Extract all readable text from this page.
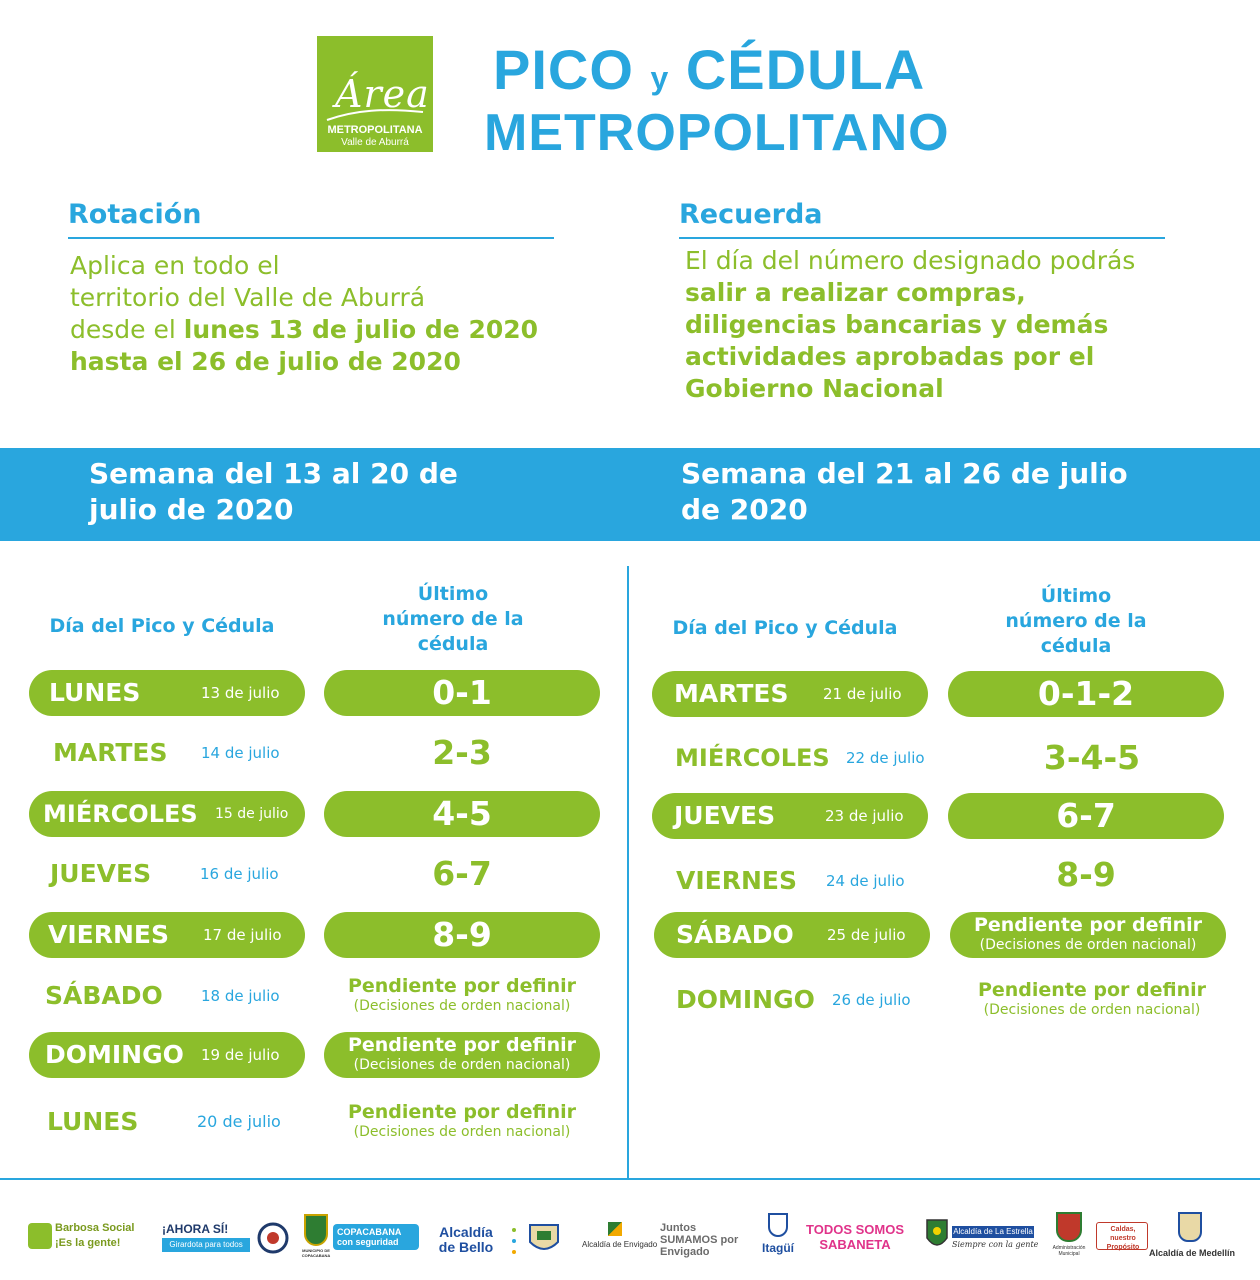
Área
METROPOLITANA
Valle de Aburrá
PICO y CÉDULA
METROPOLITANO
Rotación
Aplica en todo el
territorio del Valle de Aburrá
desde el lunes 13 de julio de 2020
hasta el 26 de julio de 2020
Recuerda
El día del número designado podrás
salir a realizar compras,
diligencias bancarias y demás
actividades aprobadas por el
Gobierno Nacional
Semana del 13 al 20 de
julio de 2020
Semana del 21 al 26 de julio
de 2020
Día del Pico y Cédula
Último
número de la
cédula
Día del Pico y Cédula
Último
número de la
cédula
LUNES	13 de julio	0-1
MARTES 14 de julio	2-3
MIÉRCOLES 15 de julio	4-5
JUEVES	16 de julio	6-7
VIERNES 17 de julio	8-9
SÁBADO	18 de julio	Pendiente por definir
(Decisiones de orden nacional)
DOMINGO 19 de julio	Pendiente por definir
(Decisiones de orden nacional)
LUNES	20 de julio	Pendiente por definir
(Decisiones de orden nacional)
MARTES 21 de julio	0-1-2
MIÉRCOLES 22 de julio	3-4-5
JUEVES	23 de julio	6-7
VIERNES 24 de julio	8-9
SÁBADO 25 de julio	Pendiente por definir
(Decisiones de orden nacional)
DOMINGO 26 de julio	Pendiente por definir
(Decisiones de orden nacional)
Barbosa Social ¡Es la gente!
¡AHORA SÍ!
Girardota para todos
MUNICIPIO DE COPACABANA
COPACABANA con seguridad
Alcaldía de Bello	Alcaldía de Envigado
Juntos SUMAMOS por Envigado	Itagüí
TODOS SOMOS SABANETA
Alcaldía de La Estrella
Siempre con la gente	Administración Municipal
Caldas, nuestro Propósito
Alcaldía de Medellín
